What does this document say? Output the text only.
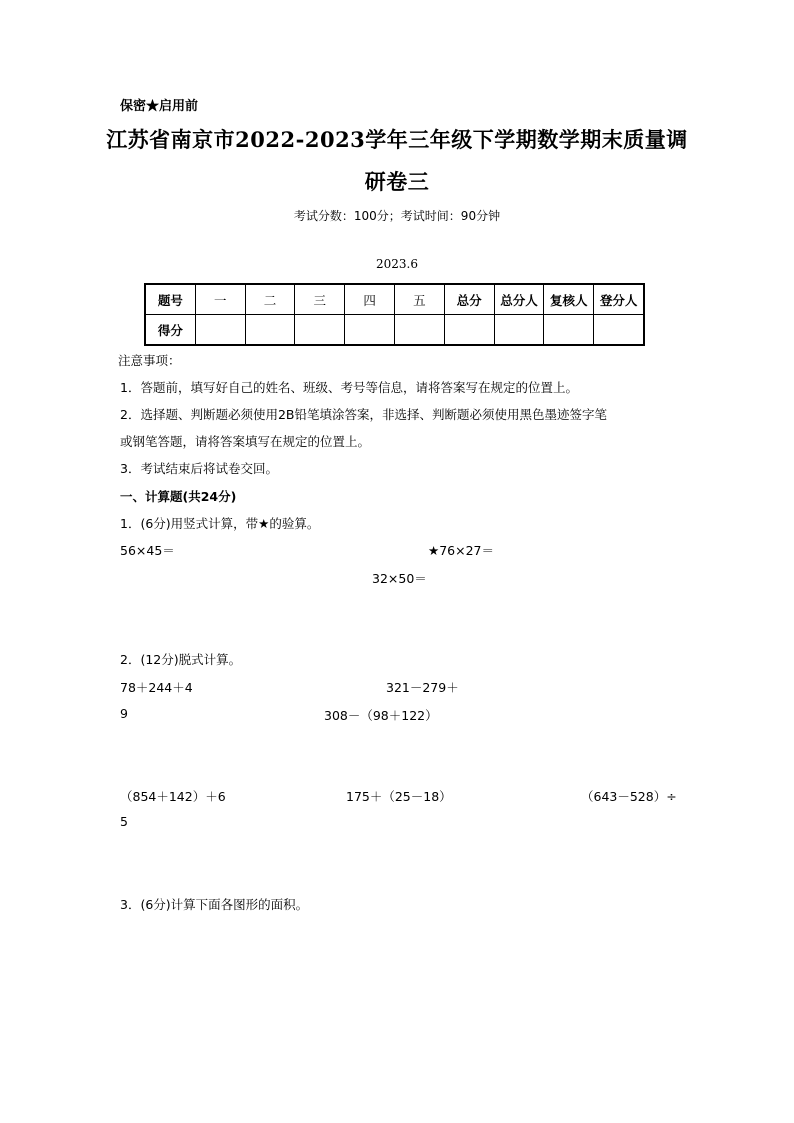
保密★启用前
江苏省南京市2022-2023学年三年级下学期数学期末质量调
研卷三
考试分数：100分；考试时间：90分钟
2023.6
题号	一	二	三	四	五	总分	总分人	复核人	登分人
得分									
注意事项：
1．答题前，填写好自己的姓名、班级、考号等信息，请将答案写在规定的位置上。
2．选择题、判断题必须使用2B铅笔填涂答案，非选择、判断题必须使用黑色墨迹签字笔
或钢笔答题，请将答案填写在规定的位置上。
3．考试结束后将试卷交回。
一、计算题(共24分)
1．(6分)用竖式计算，带★的验算。
56×45＝	★76×27＝
32×50＝
2．(12分)脱式计算。
78＋244＋4	321－279＋
9	308－（98＋122）
（854＋142）＋6	175＋（25－18）	（643－528）÷
5
3．(6分)计算下面各图形的面积。
